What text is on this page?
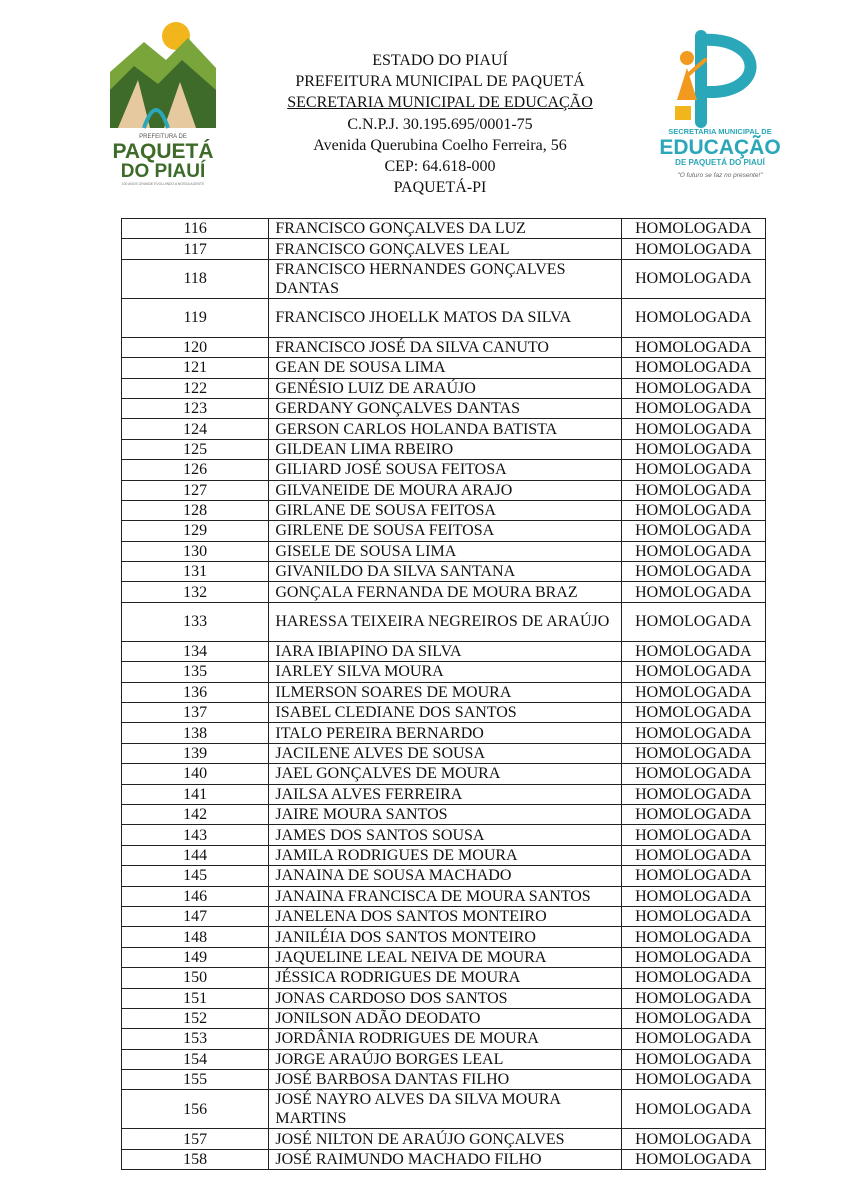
PREFEITURA DE
PAQUETÁ
DO PIAUÍ
100 ANOS GRANDE EVOLUINDO A NOSSA AGENTE
ESTADO DO PIAUÍ
PREFEITURA MUNICIPAL DE PAQUETÁ
SECRETARIA MUNICIPAL DE EDUCAÇÃO
C.N.P.J. 30.195.695/0001-75
Avenida Querubina Coelho Ferreira, 56
CEP: 64.618-000
PAQUETÁ-PI
SECRETARIA MUNICIPAL DE
EDUCAÇÃO
DE PAQUETÁ DO PIAUÍ
"O futuro se faz no presente!"
116	FRANCISCO GONÇALVES DA LUZ	HOMOLOGADA
117	FRANCISCO GONÇALVES LEAL	HOMOLOGADA
118	FRANCISCO HERNANDES GONÇALVES DANTAS	HOMOLOGADA
119	FRANCISCO JHOELLK MATOS DA SILVA	HOMOLOGADA
120	FRANCISCO JOSÉ DA SILVA CANUTO	HOMOLOGADA
121	GEAN DE SOUSA LIMA	HOMOLOGADA
122	GENÉSIO LUIZ DE ARAÚJO	HOMOLOGADA
123	GERDANY GONÇALVES DANTAS	HOMOLOGADA
124	GERSON CARLOS HOLANDA BATISTA	HOMOLOGADA
125	GILDEAN LIMA RBEIRO	HOMOLOGADA
126	GILIARD JOSÉ SOUSA FEITOSA	HOMOLOGADA
127	GILVANEIDE DE MOURA ARAJO	HOMOLOGADA
128	GIRLANE DE SOUSA FEITOSA	HOMOLOGADA
129	GIRLENE DE SOUSA FEITOSA	HOMOLOGADA
130	GISELE DE SOUSA LIMA	HOMOLOGADA
131	GIVANILDO DA SILVA SANTANA	HOMOLOGADA
132	GONÇALA FERNANDA DE MOURA BRAZ	HOMOLOGADA
133	HARESSA TEIXEIRA NEGREIROS DE ARAÚJO	HOMOLOGADA
134	IARA IBIAPINO DA SILVA	HOMOLOGADA
135	IARLEY SILVA MOURA	HOMOLOGADA
136	ILMERSON SOARES DE MOURA	HOMOLOGADA
137	ISABEL CLEDIANE DOS SANTOS	HOMOLOGADA
138	ITALO PEREIRA BERNARDO	HOMOLOGADA
139	JACILENE ALVES DE SOUSA	HOMOLOGADA
140	JAEL GONÇALVES DE MOURA	HOMOLOGADA
141	JAILSA ALVES FERREIRA	HOMOLOGADA
142	JAIRE MOURA SANTOS	HOMOLOGADA
143	JAMES DOS SANTOS SOUSA	HOMOLOGADA
144	JAMILA RODRIGUES DE MOURA	HOMOLOGADA
145	JANAINA DE SOUSA MACHADO	HOMOLOGADA
146	JANAINA FRANCISCA DE MOURA SANTOS	HOMOLOGADA
147	JANELENA DOS SANTOS MONTEIRO	HOMOLOGADA
148	JANILÉIA DOS SANTOS MONTEIRO	HOMOLOGADA
149	JAQUELINE LEAL NEIVA DE MOURA	HOMOLOGADA
150	JÉSSICA RODRIGUES DE MOURA	HOMOLOGADA
151	JONAS CARDOSO DOS SANTOS	HOMOLOGADA
152	JONILSON ADÃO DEODATO	HOMOLOGADA
153	JORDÂNIA RODRIGUES DE MOURA	HOMOLOGADA
154	JORGE ARAÚJO BORGES LEAL	HOMOLOGADA
155	JOSÉ BARBOSA DANTAS FILHO	HOMOLOGADA
156	JOSÉ NAYRO ALVES DA SILVA MOURA MARTINS	HOMOLOGADA
157	JOSÉ NILTON DE ARAÚJO GONÇALVES	HOMOLOGADA
158	JOSÉ RAIMUNDO MACHADO FILHO	HOMOLOGADA
